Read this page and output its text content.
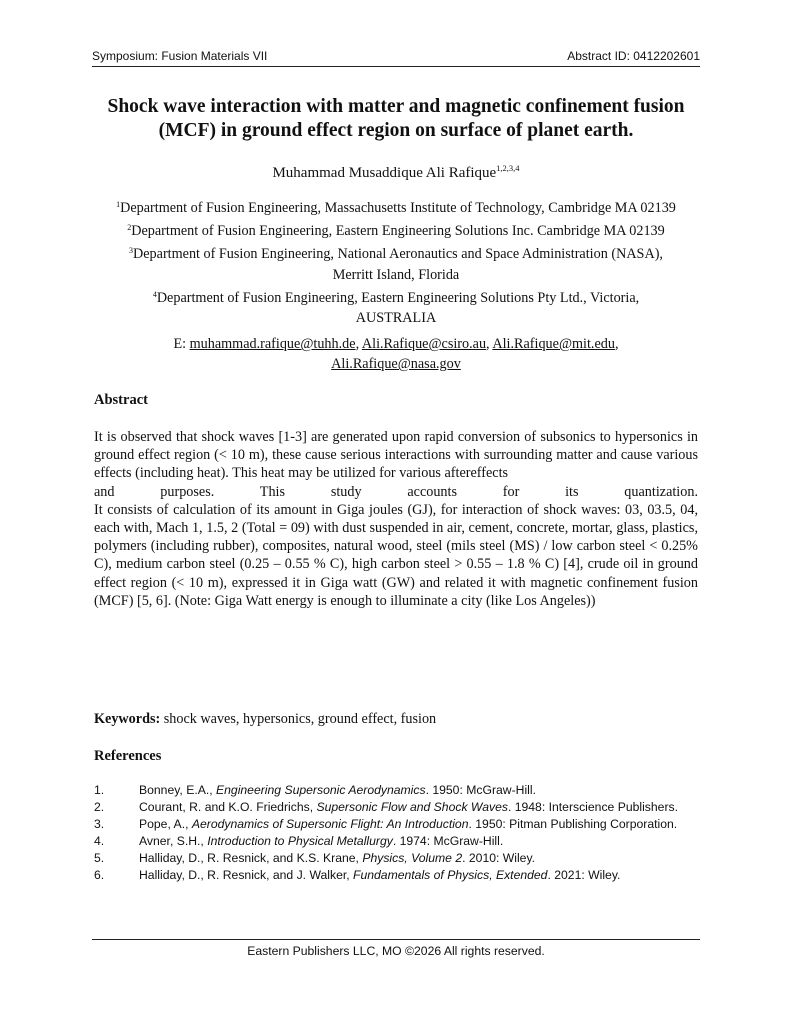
Symposium: Fusion Materials VII	Abstract ID: 0412202601
Shock wave interaction with matter and magnetic confinement fusion
(MCF) in ground effect region on surface of planet earth.
Muhammad Musaddique Ali Rafique$^{1,2,3,4}$
$^1$Department of Fusion Engineering, Massachusetts Institute of Technology, Cambridge MA 02139
$^2$Department of Fusion Engineering, Eastern Engineering Solutions Inc. Cambridge MA 02139
$^3$Department of Fusion Engineering, National Aeronautics and Space Administration (NASA),
Merritt Island, Florida
$^4$Department of Fusion Engineering, Eastern Engineering Solutions Pty Ltd., Victoria,
AUSTRALIA
E: muhammad.rafique@tuhh.de, Ali.Rafique@csiro.au, Ali.Rafique@mit.edu,
Ali.Rafique@nasa.gov
Abstract

It is observed that shock waves [1-3] are generated upon rapid conversion of subsonics to hypersonics in ground effect region (< 10 m), these cause serious interactions with surrounding matter and cause various effects (including heat). This heat may be utilized for various aftereffects

and purposes. This study accounts for its quantization.

It consists of calculation of its amount in Giga joules (GJ), for interaction of shock waves: 03, 03.5, 04, each with, Mach 1, 1.5, 2 (Total = 09) with dust suspended in air, cement, concrete, mortar, glass, plastics, polymers (including rubber), composites, natural wood, steel (mils steel (MS) / low carbon steel < 0.25% C), medium carbon steel (0.25 – 0.55 % C), high carbon steel > 0.55 – 1.8 % C) [4], crude oil in ground effect region (< 10 m), expressed it in Giga watt (GW) and related it with magnetic confinement fusion (MCF) [5, 6]. (Note: Giga Watt energy is enough to illuminate a city (like Los Angeles))

Keywords: shock waves, hypersonics, ground effect, fusion
References
1.	Bonney, E.A., Engineering Supersonic Aerodynamics. 1950: McGraw-Hill.
2.	Courant, R. and K.O. Friedrichs, Supersonic Flow and Shock Waves. 1948: Interscience Publishers.
3.	Pope, A., Aerodynamics of Supersonic Flight: An Introduction. 1950: Pitman Publishing Corporation.
4.	Avner, S.H., Introduction to Physical Metallurgy. 1974: McGraw-Hill.
5.	Halliday, D., R. Resnick, and K.S. Krane, Physics, Volume 2. 2010: Wiley.
6.	Halliday, D., R. Resnick, and J. Walker, Fundamentals of Physics, Extended. 2021: Wiley.
Eastern Publishers LLC, MO ©2026 All rights reserved.
